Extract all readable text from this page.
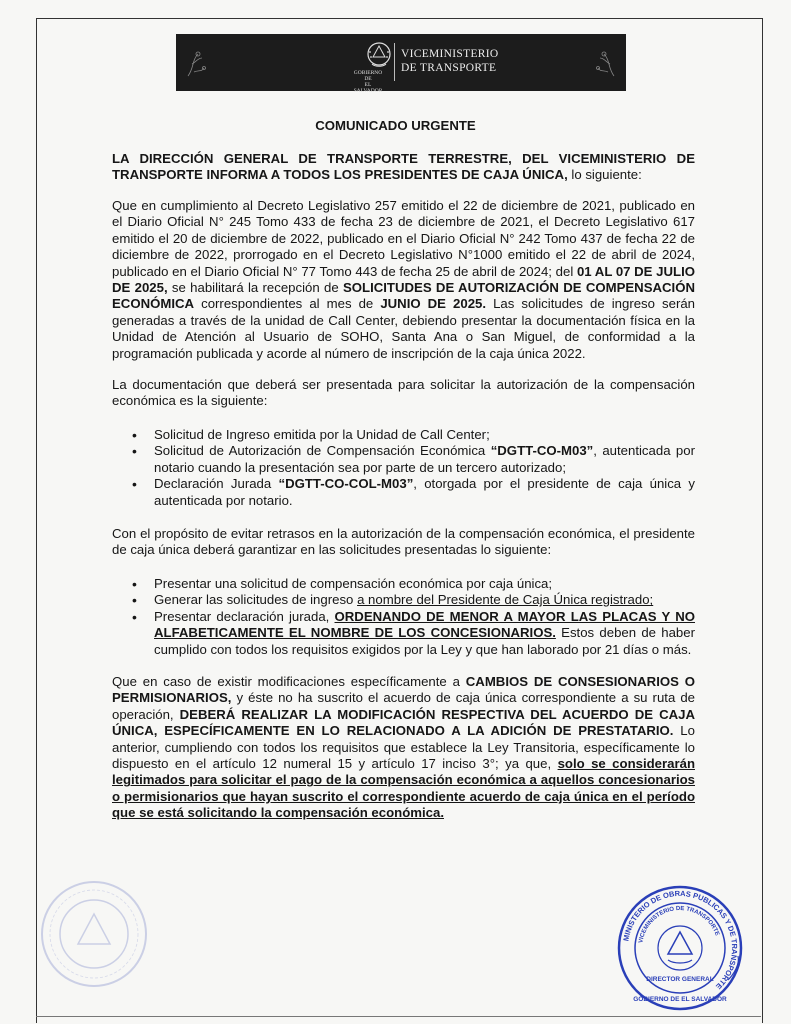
GOBIERNO DE
EL SALVADOR
VICEMINISTERIO
DE TRANSPORTE
COMUNICADO URGENTE
LA DIRECCIÓN GENERAL DE TRANSPORTE TERRESTRE, DEL VICEMINISTERIO DE TRANSPORTE INFORMA A TODOS LOS PRESIDENTES DE CAJA ÚNICA, lo siguiente:
Que en cumplimiento al Decreto Legislativo 257 emitido el 22 de diciembre de 2021, publicado en el Diario Oficial N° 245 Tomo 433 de fecha 23 de diciembre de 2021, el Decreto Legislativo 617 emitido el 20 de diciembre de 2022, publicado en el Diario Oficial N° 242 Tomo 437 de fecha 22 de diciembre de 2022, prorrogado en el Decreto Legislativo N°1000 emitido el 22 de abril de 2024, publicado en el Diario Oficial N° 77 Tomo 443 de fecha 25 de abril de 2024; del 01 AL 07 DE JULIO DE 2025, se habilitará la recepción de SOLICITUDES DE AUTORIZACIÓN DE COMPENSACIÓN ECONÓMICA correspondientes al mes de JUNIO DE 2025. Las solicitudes de ingreso serán generadas a través de la unidad de Call Center, debiendo presentar la documentación física en la Unidad de Atención al Usuario de SOHO, Santa Ana o San Miguel, de conformidad a la programación publicada y acorde al número de inscripción de la caja única 2022.
La documentación que deberá ser presentada para solicitar la autorización de la compensación económica es la siguiente:
• Solicitud de Ingreso emitida por la Unidad de Call Center;
• Solicitud de Autorización de Compensación Económica “DGTT-CO-M03”, autenticada por notario cuando la presentación sea por parte de un tercero autorizado;
• Declaración Jurada “DGTT-CO-COL-M03”, otorgada por el presidente de caja única y autenticada por notario.
Con el propósito de evitar retrasos en la autorización de la compensación económica, el presidente de caja única deberá garantizar en las solicitudes presentadas lo siguiente:
• Presentar una solicitud de compensación económica por caja única;
• Generar las solicitudes de ingreso a nombre del Presidente de Caja Única registrado;
• Presentar declaración jurada, ORDENANDO DE MENOR A MAYOR LAS PLACAS Y NO ALFABETICAMENTE EL NOMBRE DE LOS CONCESIONARIOS. Estos deben de haber cumplido con todos los requisitos exigidos por la Ley y que han laborado por 21 días o más.
Que en caso de existir modificaciones específicamente a CAMBIOS DE CONSESIONARIOS O PERMISIONARIOS, y éste no ha suscrito el acuerdo de caja única correspondiente a su ruta de operación, DEBERÁ REALIZAR LA MODIFICACIÓN RESPECTIVA DEL ACUERDO DE CAJA ÚNICA, ESPECÍFICAMENTE EN LO RELACIONADO A LA ADICIÓN DE PRESTATARIO. Lo anterior, cumpliendo con todos los requisitos que establece la Ley Transitoria, específicamente lo dispuesto en el artículo 12 numeral 15 y artículo 17 inciso 3°; ya que, solo se considerarán legitimados para solicitar el pago de la compensación económica a aquellos concesionarios o permisionarios que hayan suscrito el correspondiente acuerdo de caja única en el período que se está solicitando la compensación económica.
MINISTERIO DE OBRAS PUBLICAS Y DE TRANSPORTE
VICEMINISTERIO DE TRANSPORTE
DIRECTOR GENERAL
GOBIERNO DE EL SALVADOR
